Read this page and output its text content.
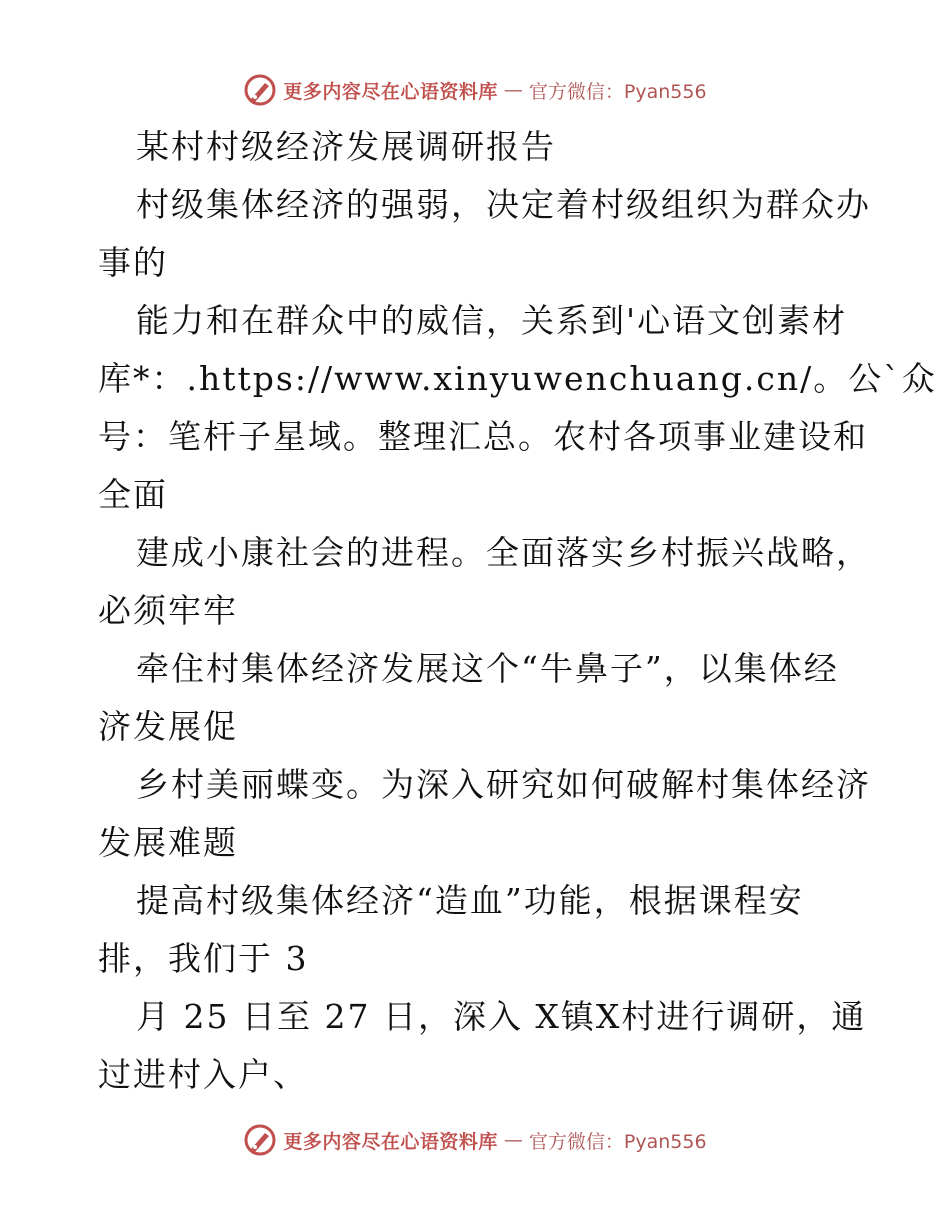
更多内容尽在心语资料库 — 官方微信：Pyan556
某村村级经济发展调研报告
村级集体经济的强弱，决定着村级组织为群众办
事的
能力和在群众中的威信，关系到'心语文创素材
库*：.https://www.xinyuwenchuang.cn/。公`众
号：笔杆子星域。整理汇总。农村各项事业建设和
全面
建成小康社会的进程。全面落实乡村振兴战略，
必须牢牢
牵住村集体经济发展这个“牛鼻子”，以集体经
济发展促
乡村美丽蝶变。为深入研究如何破解村集体经济
发展难题
提高村级集体经济“造血”功能，根据课程安
排，我们于 3
月 25 日至 27 日，深入 X镇X村进行调研，通
过进村入户、
更多内容尽在心语资料库 — 官方微信：Pyan556
